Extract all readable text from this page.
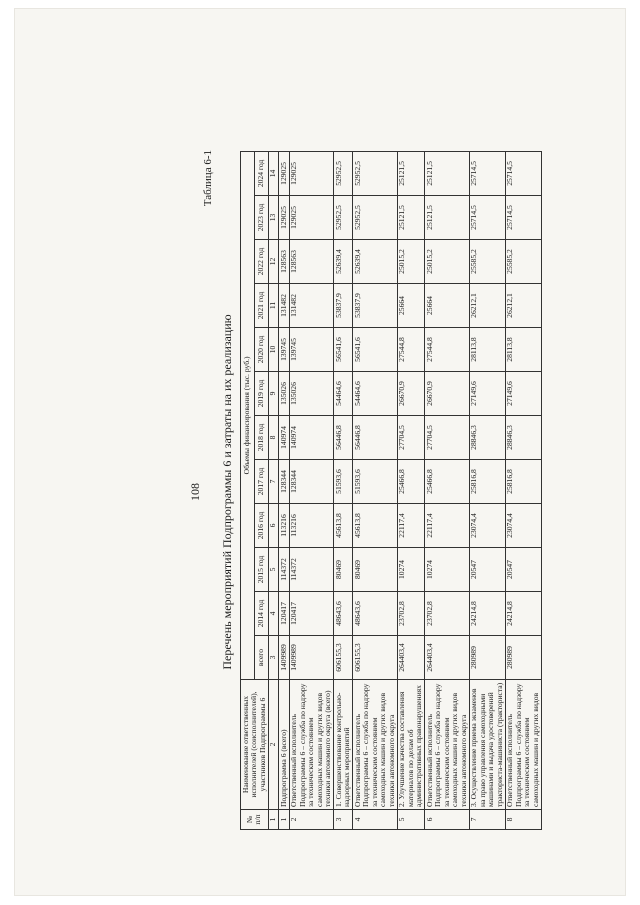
108
Таблица 6-1
Перечень мероприятий Подпрограммы 6 и затраты на их реализацию
№ п/п	Наименование ответственных исполнителей (соисполнителей), участников Подпрограммы 6	Объемы финансирования (тыс. руб.)											
		всего	2014 год	2015 год	2016 год	2017 год	2018 год	2019 год	2020 год	2021 год	2022 год	2023 год	2024 год
1	2	3	4	5	6	7	8	9	10	11	12	13	14
1	Подпрограмма 6 (всего)	1409989	120417	114372	113216	128344	140974	135026	139745	131482	128563	129025	129025
2	Ответственный исполнитель Подпрограммы 6 – служба по надзору за техническим состоянием самоходных машин и других видов техники автономного округа (всего)	1409989	120417	114372	113216	128344	140974	135026	139745	131482	128563	129025	129025
3	1. Совершенствование контрольно-надзорных мероприятий	606155,3	48643,6	80469	45613,8	51593,6	56446,8	54464,6	56541,6	53837,9	52639,4	52952,5	52952,5
4	Ответственный исполнитель Подпрограммы 6 – служба по надзору за техническим состоянием самоходных машин и других видов техники автономного округа	606155,3	48643,6	80469	45613,8	51593,6	56446,8	54464,6	56541,6	53837,9	52639,4	52952,5	52952,5
5	2. Улучшение качества составления материалов по делам об административных правонарушениях	264403,4	23702,8	10274	22117,4	25466,8	27704,5	26670,9	27544,8	25664	25015,2	25121,5	25121,5
6	Ответственный исполнитель Подпрограммы 6 – служба по надзору за техническим состоянием самоходных машин и других видов техники автономного округа	264403,4	23702,8	10274	22117,4	25466,8	27704,5	26670,9	27544,8	25664	25015,2	25121,5	25121,5
7	3. Осуществление приема экзаменов на право управления самоходными машинами и выдача удостоверений тракториста-машиниста (тракториста)	280989	24214,8	20547	23074,4	25816,8	28846,3	27149,6	28113,8	26212,1	25585,2	25714,5	25714,5
8	Ответственный исполнитель Подпрограммы 6 – служба по надзору за техническим состоянием самоходных машин и других видов	280989	24214,8	20547	23074,4	25816,8	28846,3	27149,6	28113,8	26212,1	25585,2	25714,5	25714,5
